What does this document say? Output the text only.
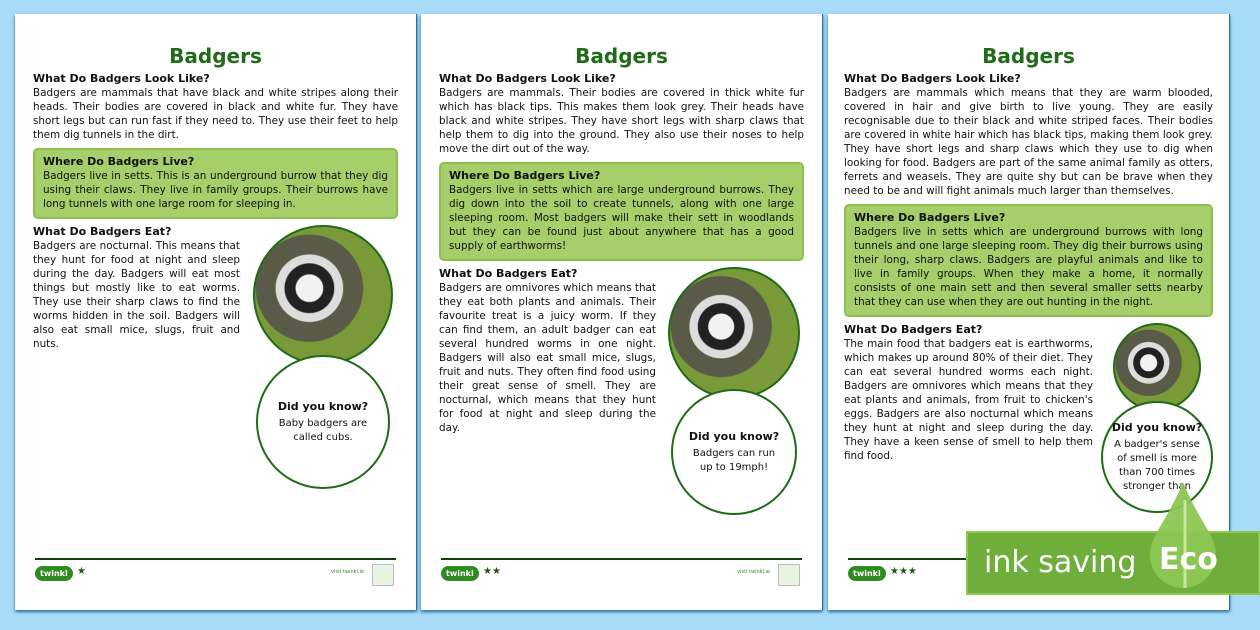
Badgers
What Do Badgers Look Like?
Badgers are mammals that have black and white stripes along their heads. Their bodies are covered in black and white fur. They have short legs but can run fast if they need to. They use their feet to help them dig tunnels in the dirt.
Where Do Badgers Live?
Badgers live in setts. This is an underground burrow that they dig using their claws. They live in family groups. Their burrows have long tunnels with one large room for sleeping in.
What Do Badgers Eat?
Badgers are nocturnal. This means that they hunt for food at night and sleep during the day. Badgers will eat most things but mostly like to eat worms. They use their sharp claws to find the worms hidden in the soil. Badgers will also eat small mice, slugs, fruit and nuts.
Did you know?
Baby badgers are called cubs.
twinkl ★	visit twinkl.ie
Badgers
What Do Badgers Look Like?
Badgers are mammals. Their bodies are covered in thick white fur which has black tips. This makes them look grey. Their heads have black and white stripes. They have short legs with sharp claws that help them to dig into the ground. They also use their noses to help move the dirt out of the way.
Where Do Badgers Live?
Badgers live in setts which are large underground burrows. They dig down into the soil to create tunnels, along with one large sleeping room. Most badgers will make their sett in woodlands but they can be found just about anywhere that has a good supply of earthworms!
What Do Badgers Eat?
Badgers are omnivores which means that they eat both plants and animals. Their favourite treat is a juicy worm. If they can find them, an adult badger can eat several hundred worms in one night. Badgers will also eat small mice, slugs, fruit and nuts. They often find food using their great sense of smell. They are nocturnal, which means that they hunt for food at night and sleep during the day.
Did you know?
Badgers can run up to 19mph!
twinkl ★★	visit twinkl.ie
Badgers
What Do Badgers Look Like?
Badgers are mammals which means that they are warm blooded, covered in hair and give birth to live young. They are easily recognisable due to their black and white striped faces. Their bodies are covered in white hair which has black tips, making them look grey. They have short legs and sharp claws which they use to dig when looking for food. Badgers are part of the same animal family as otters, ferrets and weasels. They are quite shy but can be brave when they need to be and will fight animals much larger than themselves.
Where Do Badgers Live?
Badgers live in setts which are underground burrows with long tunnels and one large sleeping room. They dig their burrows using their long, sharp claws. Badgers are playful animals and like to live in family groups. When they make a home, it normally consists of one main sett and then several smaller setts nearby that they can use when they are out hunting in the night.
What Do Badgers Eat?
The main food that badgers eat is earthworms, which makes up around 80% of their diet. They can eat several hundred worms each night. Badgers are omnivores which means that they eat plants and animals, from fruit to chicken's eggs. Badgers are also nocturnal which means they hunt at night and sleep during the day. They have a keen sense of smell to help them find food.
Did you know?
A badger's sense of smell is more than 700 times stronger than
twinkl ★★★	ink saving Eco
